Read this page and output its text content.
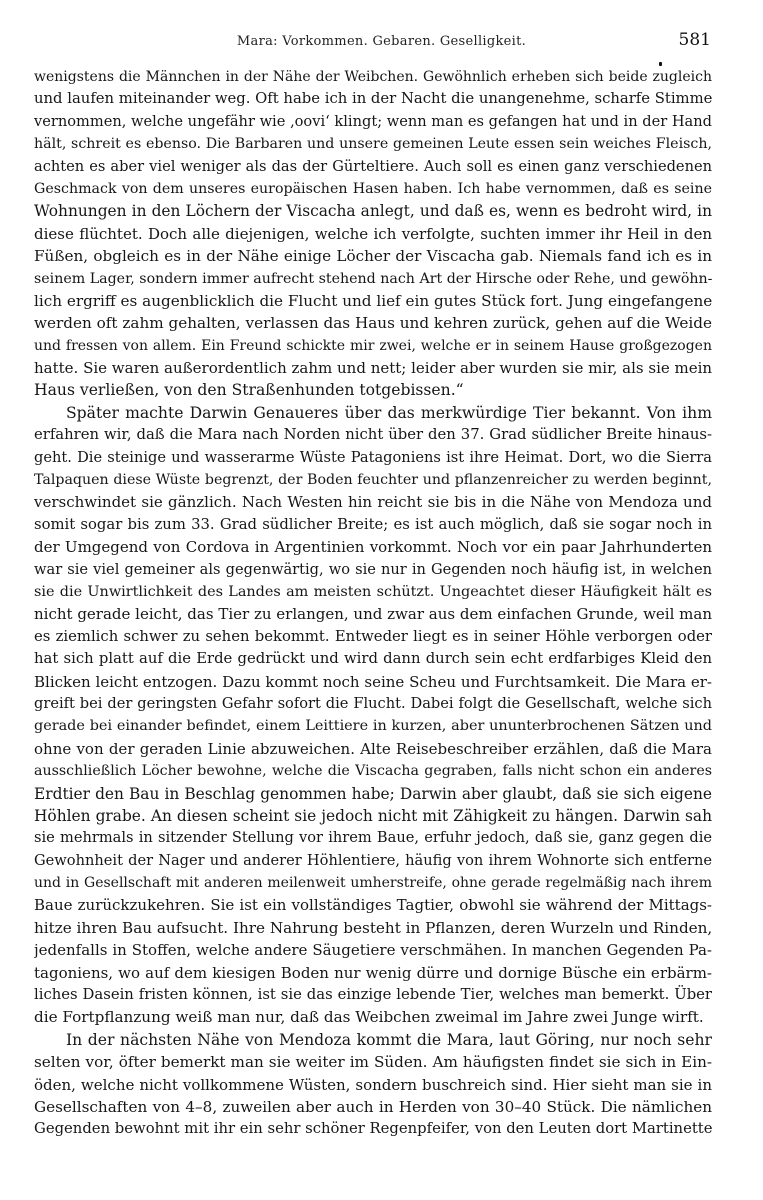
Mara: Vorkommen. Gebaren. Geselligkeit.	581
wenigstens die Männchen in der Nähe der Weibchen. Gewöhnlich erheben sich beide zugleich
und laufen miteinander weg. Oft habe ich in der Nacht die unangenehme, scharfe Stimme
vernommen, welche ungefähr wie ‚oovi‘ klingt; wenn man es gefangen hat und in der Hand
hält, schreit es ebenso. Die Barbaren und unsere gemeinen Leute essen sein weiches Fleisch,
achten es aber viel weniger als das der Gürteltiere. Auch soll es einen ganz verschiedenen
Geschmack von dem unseres europäischen Hasen haben. Ich habe vernommen, daß es seine
Wohnungen in den Löchern der Viscacha anlegt, und daß es, wenn es bedroht wird, in
diese flüchtet. Doch alle diejenigen, welche ich verfolgte, suchten immer ihr Heil in den
Füßen, obgleich es in der Nähe einige Löcher der Viscacha gab. Niemals fand ich es in
seinem Lager, sondern immer aufrecht stehend nach Art der Hirsche oder Rehe, und gewöhn-
lich ergriff es augenblicklich die Flucht und lief ein gutes Stück fort. Jung eingefangene
werden oft zahm gehalten, verlassen das Haus und kehren zurück, gehen auf die Weide
und fressen von allem. Ein Freund schickte mir zwei, welche er in seinem Hause großgezogen
hatte. Sie waren außerordentlich zahm und nett; leider aber wurden sie mir, als sie mein
Haus verließen, von den Straßenhunden totgebissen.“
Später machte Darwin Genaueres über das merkwürdige Tier bekannt. Von ihm
erfahren wir, daß die Mara nach Norden nicht über den 37. Grad südlicher Breite hinaus-
geht. Die steinige und wasserarme Wüste Patagoniens ist ihre Heimat. Dort, wo die Sierra
Talpaquen diese Wüste begrenzt, der Boden feuchter und pflanzenreicher zu werden beginnt,
verschwindet sie gänzlich. Nach Westen hin reicht sie bis in die Nähe von Mendoza und
somit sogar bis zum 33. Grad südlicher Breite; es ist auch möglich, daß sie sogar noch in
der Umgegend von Cordova in Argentinien vorkommt. Noch vor ein paar Jahrhunderten
war sie viel gemeiner als gegenwärtig, wo sie nur in Gegenden noch häufig ist, in welchen
sie die Unwirtlichkeit des Landes am meisten schützt. Ungeachtet dieser Häufigkeit hält es
nicht gerade leicht, das Tier zu erlangen, und zwar aus dem einfachen Grunde, weil man
es ziemlich schwer zu sehen bekommt. Entweder liegt es in seiner Höhle verborgen oder
hat sich platt auf die Erde gedrückt und wird dann durch sein echt erdfarbiges Kleid den
Blicken leicht entzogen. Dazu kommt noch seine Scheu und Furchtsamkeit. Die Mara er-
greift bei der geringsten Gefahr sofort die Flucht. Dabei folgt die Gesellschaft, welche sich
gerade bei einander befindet, einem Leittiere in kurzen, aber ununterbrochenen Sätzen und
ohne von der geraden Linie abzuweichen. Alte Reisebeschreiber erzählen, daß die Mara
ausschließlich Löcher bewohne, welche die Viscacha gegraben, falls nicht schon ein anderes
Erdtier den Bau in Beschlag genommen habe; Darwin aber glaubt, daß sie sich eigene
Höhlen grabe. An diesen scheint sie jedoch nicht mit Zähigkeit zu hängen. Darwin sah
sie mehrmals in sitzender Stellung vor ihrem Baue, erfuhr jedoch, daß sie, ganz gegen die
Gewohnheit der Nager und anderer Höhlentiere, häufig von ihrem Wohnorte sich entferne
und in Gesellschaft mit anderen meilenweit umherstreife, ohne gerade regelmäßig nach ihrem
Baue zurückzukehren. Sie ist ein vollständiges Tagtier, obwohl sie während der Mittags-
hitze ihren Bau aufsucht. Ihre Nahrung besteht in Pflanzen, deren Wurzeln und Rinden,
jedenfalls in Stoffen, welche andere Säugetiere verschmähen. In manchen Gegenden Pa-
tagoniens, wo auf dem kiesigen Boden nur wenig dürre und dornige Büsche ein erbärm-
liches Dasein fristen können, ist sie das einzige lebende Tier, welches man bemerkt. Über
die Fortpflanzung weiß man nur, daß das Weibchen zweimal im Jahre zwei Junge wirft.
In der nächsten Nähe von Mendoza kommt die Mara, laut Göring, nur noch sehr
selten vor, öfter bemerkt man sie weiter im Süden. Am häufigsten findet sie sich in Ein-
öden, welche nicht vollkommene Wüsten, sondern buschreich sind. Hier sieht man sie in
Gesellschaften von 4–8, zuweilen aber auch in Herden von 30–40 Stück. Die nämlichen
Gegenden bewohnt mit ihr ein sehr schöner Regenpfeifer, von den Leuten dort Martinette
